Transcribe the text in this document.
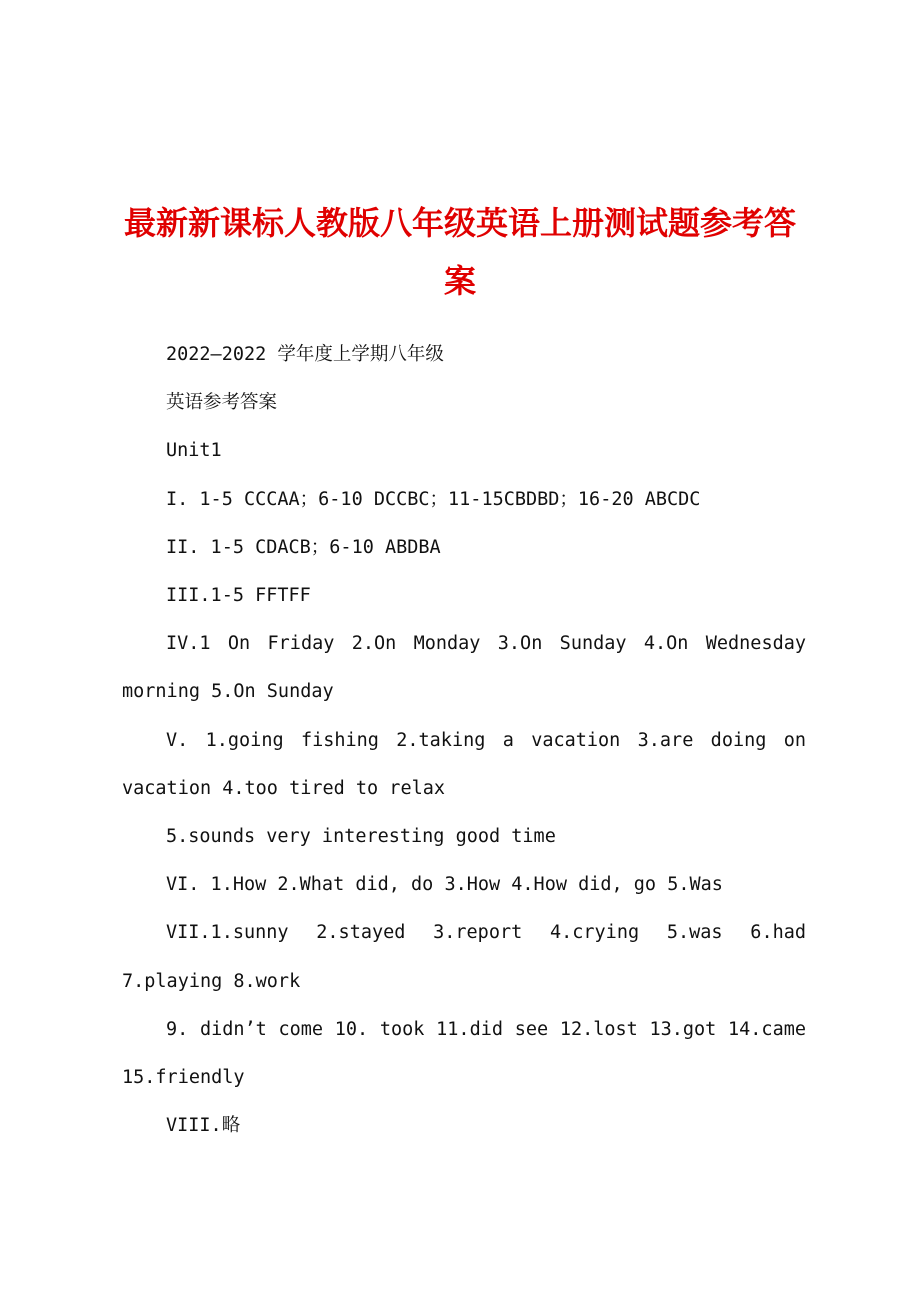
最新新课标人教版八年级英语上册测试题参考答案

2022—2022 学年度上学期八年级

英语参考答案

Unit1

I. 1-5 CCCAA；6-10 DCCBC；11-15CBDBD；16-20 ABCDC

II. 1-5 CDACB；6-10 ABDBA

III.1-5 FFTFF

IV.1 On Friday 2.On Monday 3.On Sunday 4.On Wednesday morning 5.On Sunday

V. 1.going fishing 2.taking a vacation 3.are doing on vacation 4.too tired to relax

5.sounds very interesting good time

VI. 1.How 2.What did, do 3.How 4.How did, go 5.Was

VII.1.sunny 2.stayed 3.report 4.crying 5.was 6.had 7.playing 8.work

9. didn’t come 10. took 11.did see 12.lost 13.got 14.came 15.friendly

VIII.略
